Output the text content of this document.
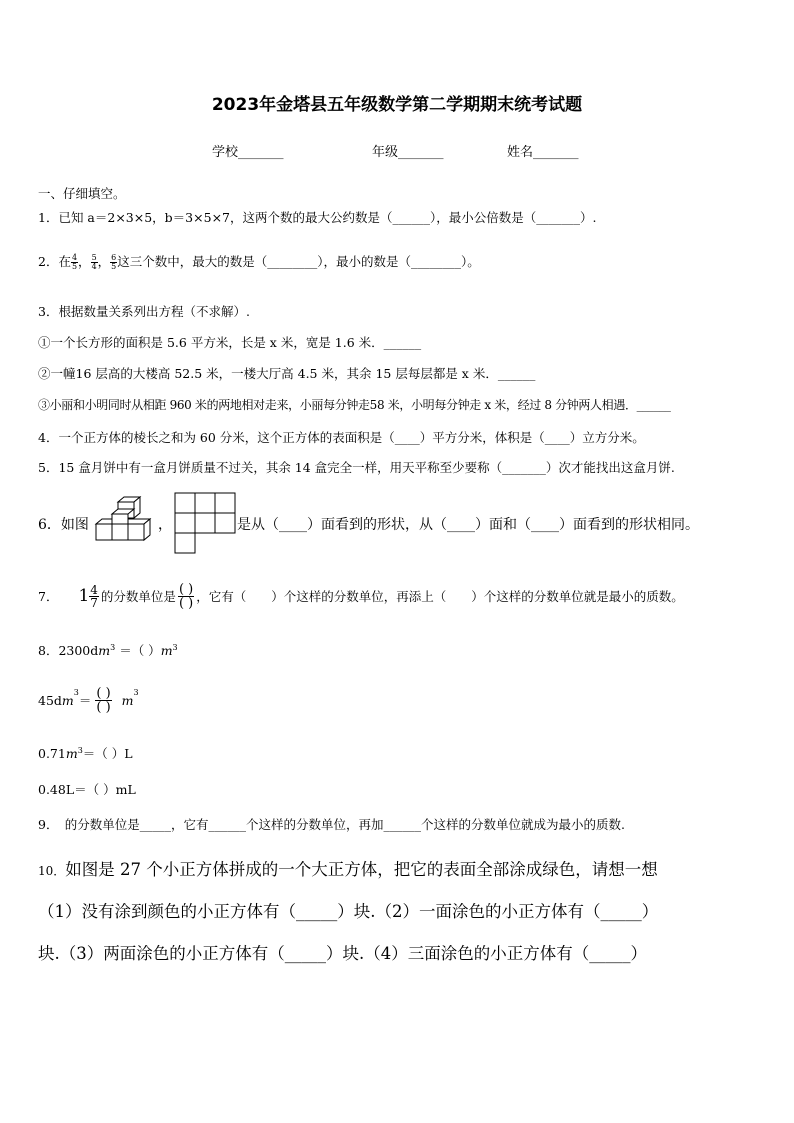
2023年金塔县五年级数学第二学期期末统考试题
学校_______	年级_______	姓名_______
一、仔细填空。
1．已知 a＝2×3×5，b＝3×5×7，这两个数的最大公约数是（______），最小公倍数是（_______）.
2．在 $\frac{4}{5}$ ， $\frac{5}{4}$ ， $\frac{6}{5}$ 这三个数中，最大的数是（________），最小的数是（________）。
3．根据数量关系列出方程（不求解）.
①一个长方形的面积是 5.6 平方米，长是 x 米，宽是 1.6 米．______
②一幢16 层高的大楼高 52.5 米，一楼大厅高 4.5 米，其余 15 层每层都是 x 米．______
③小丽和小明同时从相距 960 米的两地相对走来，小丽每分钟走58 米，小明每分钟走 x 米，经过 8 分钟两人相遇．______
4．一个正方体的棱长之和为 60 分米，这个正方体的表面积是（____）平方分米，体积是（____）立方分米。
5．15 盒月饼中有一盒月饼质量不过关，其余 14 盒完全一样，用天平称至少要称（_______）次才能找出这盒月饼.
6．如图	，	是从（____）面看到的形状，从（____）面和（____）面看到的形状相同。
7． $1 \frac{4}{7}$ 的分数单位是 $\frac{( )}{( )}$ ，它有（　　）个这样的分数单位，再添上（　　）个这样的分数单位就是最小的质数。
8．$2300dm^3$ ＝（ ）$m^3$
45d $m^3$
＝ $\frac{( )}{( )} m^3$
$0.71m^3=$（ ）L
0.48L＝（ ）mL
9．　的分数单位是_____，它有______个这样的分数单位，再加______个这样的分数单位就成为最小的质数.
10．如图是 27 个小正方体拼成的一个大正方体，把它的表面全部涂成绿色，请想一想
（1）没有涂到颜色的小正方体有（_____）块.（2）一面涂色的小正方体有（_____）
块.（3）两面涂色的小正方体有（_____）块.（4）三面涂色的小正方体有（_____）
